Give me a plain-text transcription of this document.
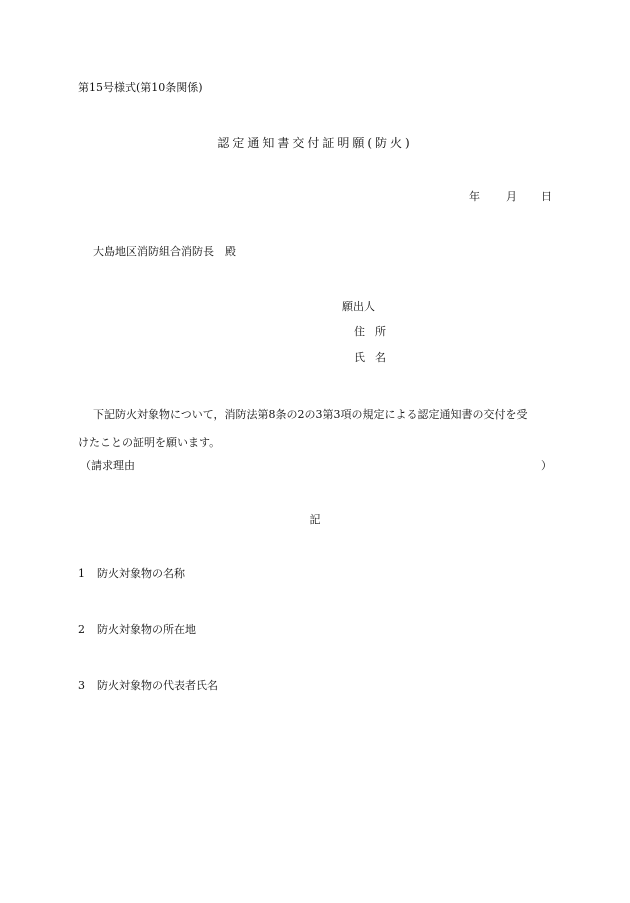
第15号様式(第10条関係)
認定通知書交付証明願(防火)
年 月 日
大島地区消防組合消防長　殿
願出人
住所
氏名
下記防火対象物について，消防法第8条の2の3第3項の規定による認定通知書の交付を受
けたことの証明を願います。
（請求理由	）
記
1 防火対象物の名称
2 防火対象物の所在地
3 防火対象物の代表者氏名
